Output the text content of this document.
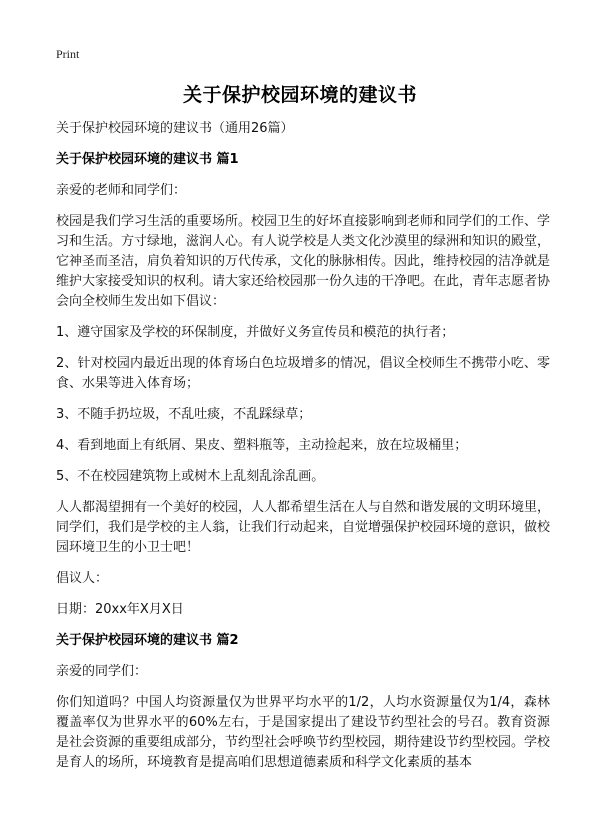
Print
关于保护校园环境的建议书
关于保护校园环境的建议书（通用26篇）
关于保护校园环境的建议书 篇1

亲爱的老师和同学们：

校园是我们学习生活的重要场所。校园卫生的好坏直接影响到老师和同学们的工作、学习和生活。方寸绿地，滋润人心。有人说学校是人类文化沙漠里的绿洲和知识的殿堂，它神圣而圣洁，肩负着知识的万代传承，文化的脉脉相传。因此，维持校园的洁净就是维护大家接受知识的权利。请大家还给校园那一份久违的干净吧。在此，青年志愿者协会向全校师生发出如下倡议：

1、遵守国家及学校的环保制度，并做好义务宣传员和模范的执行者；

2、针对校园内最近出现的体育场白色垃圾增多的情况，倡议全校师生不携带小吃、零食、水果等进入体育场；

3、不随手扔垃圾，不乱吐痰，不乱踩绿草；

4、看到地面上有纸屑、果皮、塑料瓶等，主动捡起来，放在垃圾桶里；

5、不在校园建筑物上或树木上乱刻乱涂乱画。

人人都渴望拥有一个美好的校园，人人都希望生活在人与自然和谐发展的文明环境里，同学们，我们是学校的主人翁，让我们行动起来，自觉增强保护校园环境的意识，做校园环境卫生的小卫士吧！

倡议人：

日期：20xx年X月X日

关于保护校园环境的建议书 篇2

亲爱的同学们：

你们知道吗？中国人均资源量仅为世界平均水平的1/2，人均水资源量仅为1/4，森林覆盖率仅为世界水平的60%左右，于是国家提出了建设节约型社会的号召。教育资源是社会资源的重要组成部分，节约型社会呼唤节约型校园，期待建设节约型校园。学校是育人的场所，环境教育是提高咱们思想道德素质和科学文化素质的基本
